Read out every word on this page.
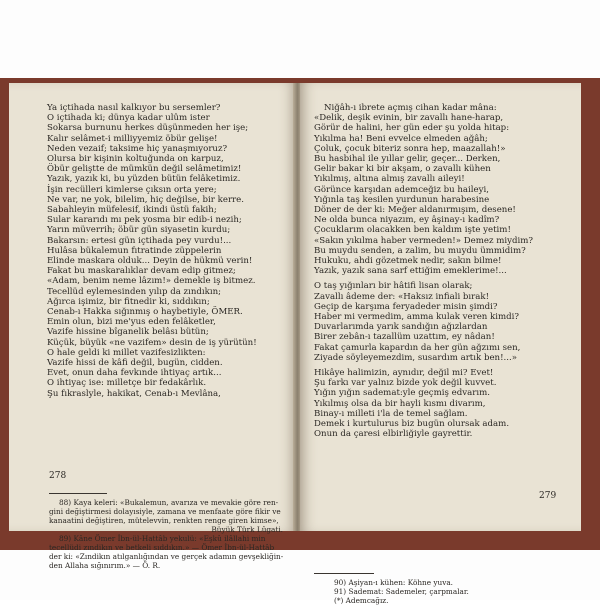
Ya içtihada nasıl kalkıyor bu sersemler?
O içtihada ki; dünya kadar ulûm ister
Sokarsa burnunu herkes düşünmeden her işe;
Kalır selâmet-i milliyyemiz öbür gelişe!
Neden vezaif; taksime hiç yanaşmıyoruz?
Olursa bir kişinin koltuğunda on karpuz,
Öbür geliştte de mümkün değil selâmetimiz!
Yazık, yazık ki, bu yüzden bütün felâketimiz.
İşin recülleri kimlerse çıksın orta yere;
Ne var, ne yok, bilelim, hiç değilse, bir kerre.
Sabahleyin müfelesif, ikindi üstü fakih;
Sular kararıdı mı pek yosma bir edib-i nezih;
Yarın müverrih; öbür gün siyasetin kurdu;
Bakarsın: ertesi gün içtihada pey vurdu!...
Hulâsa bükalemun fıtratinde züppelerin
Elinde maskara olduk... Deyin de hükmü verin!
Fakat bu maskaralıklar devam edip gitmez;
«Adam, benim neme lâzım!» demekle iş bitmez.
Tecellüd eylemesinden yılıp da zındıkın;
Ağırca işimiz, bir fitnedir ki, sıddıkın;
Cenab-ı Hakka sığınmış o haybetiyle, ÖMER.
Emin olun, bizi me'yus eden felâketler,
Vazife hissine bîganelik belâsı bütün;
Küçük, büyük «ne vazifem» desin de iş yürütün!
O hale geldi ki millet vazifesizlikten:
Vazife hissi de kâfi değil, bugün, cidden.
Evet, onun daha fevkınde ihtiyaç artık...
O ihtiyaç ise: milletçe bir fedakârlık.
Şu fıkraslyle, hakikat, Cenab-ı Mevlâna,
88) Kaya keleri: «Bukalemun, avarıza ve mevakie göre ren-
gini değiştirmesi dolayısiyle, zamana ve menfaate göre fikir ve
kanaatini değiştiren, mütelevvin, renkten renge giren kimse»,
Büyük Türk Lûgati.
89) Kâne Ömer İbn-ül-Hattâb yekulü: «Eşkû ilâllahi min
tecellüdi zındikın ve betkeli sıddıkın.» — Ömer İbn-ül-Hattâb
der ki: «Zındikın atılganlığından ve gerçek adamın gevşekliğin-
den Allaha sığınırım.» — Ö. R.
278
Niğâh-ı ibrete açmış cihan kadar mâna:
«Delik, deşik evinin, bir zavallı hane-harap,
Görür de halini, her gün eder şu yolda hitap:
Yıkılma ha! Beni evvelce elmeden ağâh;
Çoluk, çocuk biteriz sonra hep, maazallah!»
Bu hasbihal ile yıllar gelir, geçer... Derken,
Gelir bakar ki bir akşam, o zavallı kühen
Yıkılmış, altına almış zavallı aileyi!
Görünce karşıdan ademceğiz bu haileyi,
Yığınla taş kesilen yurdunun harabesine
Döner de der ki: Meğer aldanırmışım, desene!
Ne olda bunca niyazım, ey âşinay-ı kadîm?
Çocuklarım olacakken ben kaldım işte yetim!
«Sakın yıkılma haber vermeden!» Demez miydim?
Bu muydu senden, a zalim, bu muydu ümmidim?
Hukuku, ahdi gözetmek nedir, sakın bilme!
Yazık, yazık sana sarf ettiğim emeklerime!...
O taş yığınları bir hâtifi lisan olarak;
Zavallı âdeme der: «Haksız infiali bırak!
Geçip de karşıma feryadeder misin şimdi?
Haber mi vermedim, amma kulak veren kimdi?
Duvarlarımda yarık sandığın ağızlardan
Birer zebân-ı tazallüm uzattım, ey nâdan!
Fakat çamurla kapardın da her gün ağzımı sen,
Ziyade söyleyemezdim, susardım artık ben!...»
Hikâye halimizin, aynıdır, değil mi? Evet!
Şu farkı var yalnız bizde yok değil kuvvet.
Yığın yığın sademat:yle geçmiş edvarım.
Yıkılmış olsa da bir hayli kısmı divarım,
Binay-ı milleti i'la de temel sağlam.
Demek i kurtulurus biz bugün olursak adam.
Onun da çaresi elbirliğiyle gayrettir.
90) Aşiyan-ı kühen: Köhne yuva.
91) Sademat: Sademeler, çarpmalar.
(*) Ademcağız.
279
